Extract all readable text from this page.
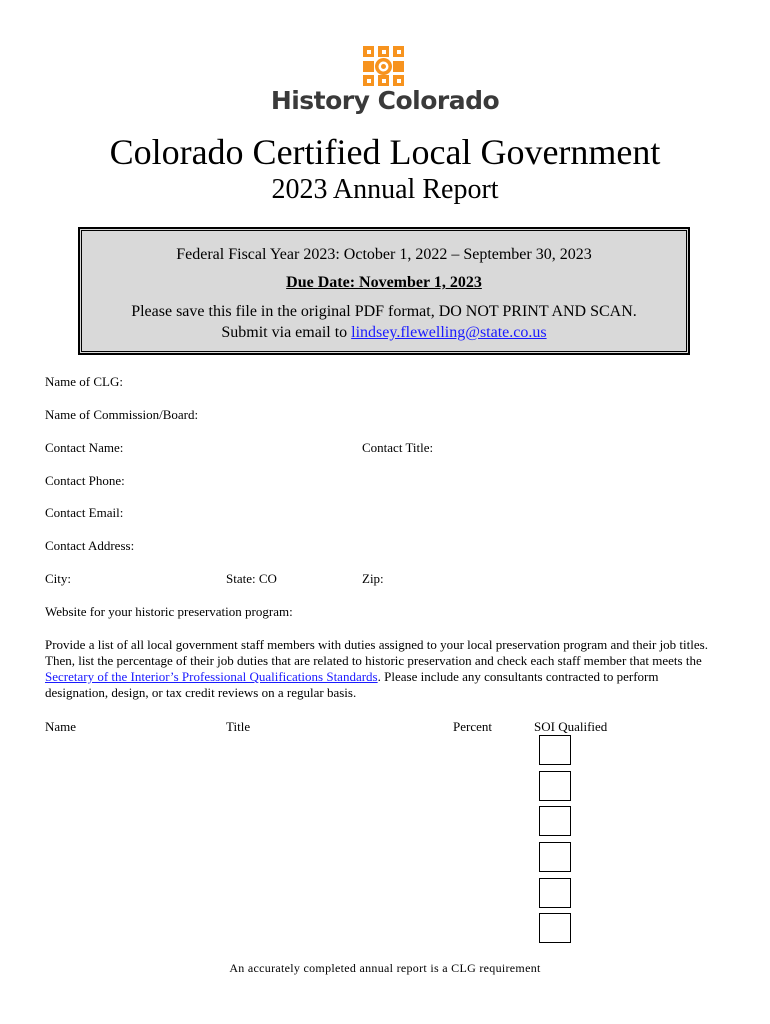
History Colorado
Colorado Certified Local Government
2023 Annual Report
Federal Fiscal Year 2023: October 1, 2022 – September 30, 2023
Due Date: November 1, 2023
Please save this file in the original PDF format, DO NOT PRINT AND SCAN.
Submit via email to lindsey.flewelling@state.co.us
Name of CLG:
Name of Commission/Board:
Contact Name:	Contact Title:
Contact Phone:
Contact Email:
Contact Address:
City:	State: CO	Zip:
Website for your historic preservation program:
Provide a list of all local government staff members with duties assigned to your local preservation program and their job titles. Then, list the percentage of their job duties that are related to historic preservation and check each staff member that meets the Secretary of the Interior’s Professional Qualifications Standards. Please include any consultants contracted to perform designation, design, or tax credit reviews on a regular basis.
Name	Title	Percent	SOI Qualified
An accurately completed annual report is a CLG requirement
